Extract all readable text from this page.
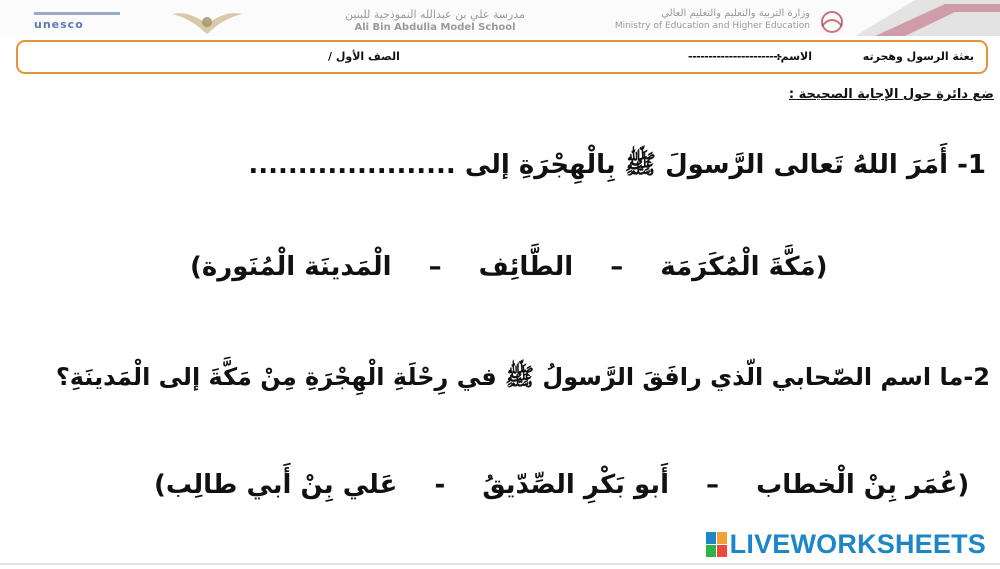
unesco
مدرسة علي بن عبدالله النموذجية للبنين
Ali Bin Abdulla Model School
وزارة التربية والتعليم والتعليم العالي
Ministry of Education and Higher Education
بعثة الرسول وهجرته
الاسم:
-----------------------
الصف الأول /
ضع دائرة حول الإجابة الصحيحة :
1- أَمَرَ اللهُ تَعالى الرَّسولَ ﷺ بِالْهِجْرَةِ إلى .....................
(مَكَّةَ الْمُكَرَمَة – الطَّائِف – الْمَدينَة الْمُنَورة)
2-ما اسم الصّحابي الّذي رافَقَ الرَّسولُ ﷺ في رِحْلَةِ الْهِجْرَةِ مِنْ مَكَّةَ إلى الْمَدينَةِ؟
(عُمَر بِنْ الْخطاب – أَبو بَكْرِ الصِّدّيقُ - عَلي بِنْ أَبي طالِب)
LIVEWORKSHEETS
